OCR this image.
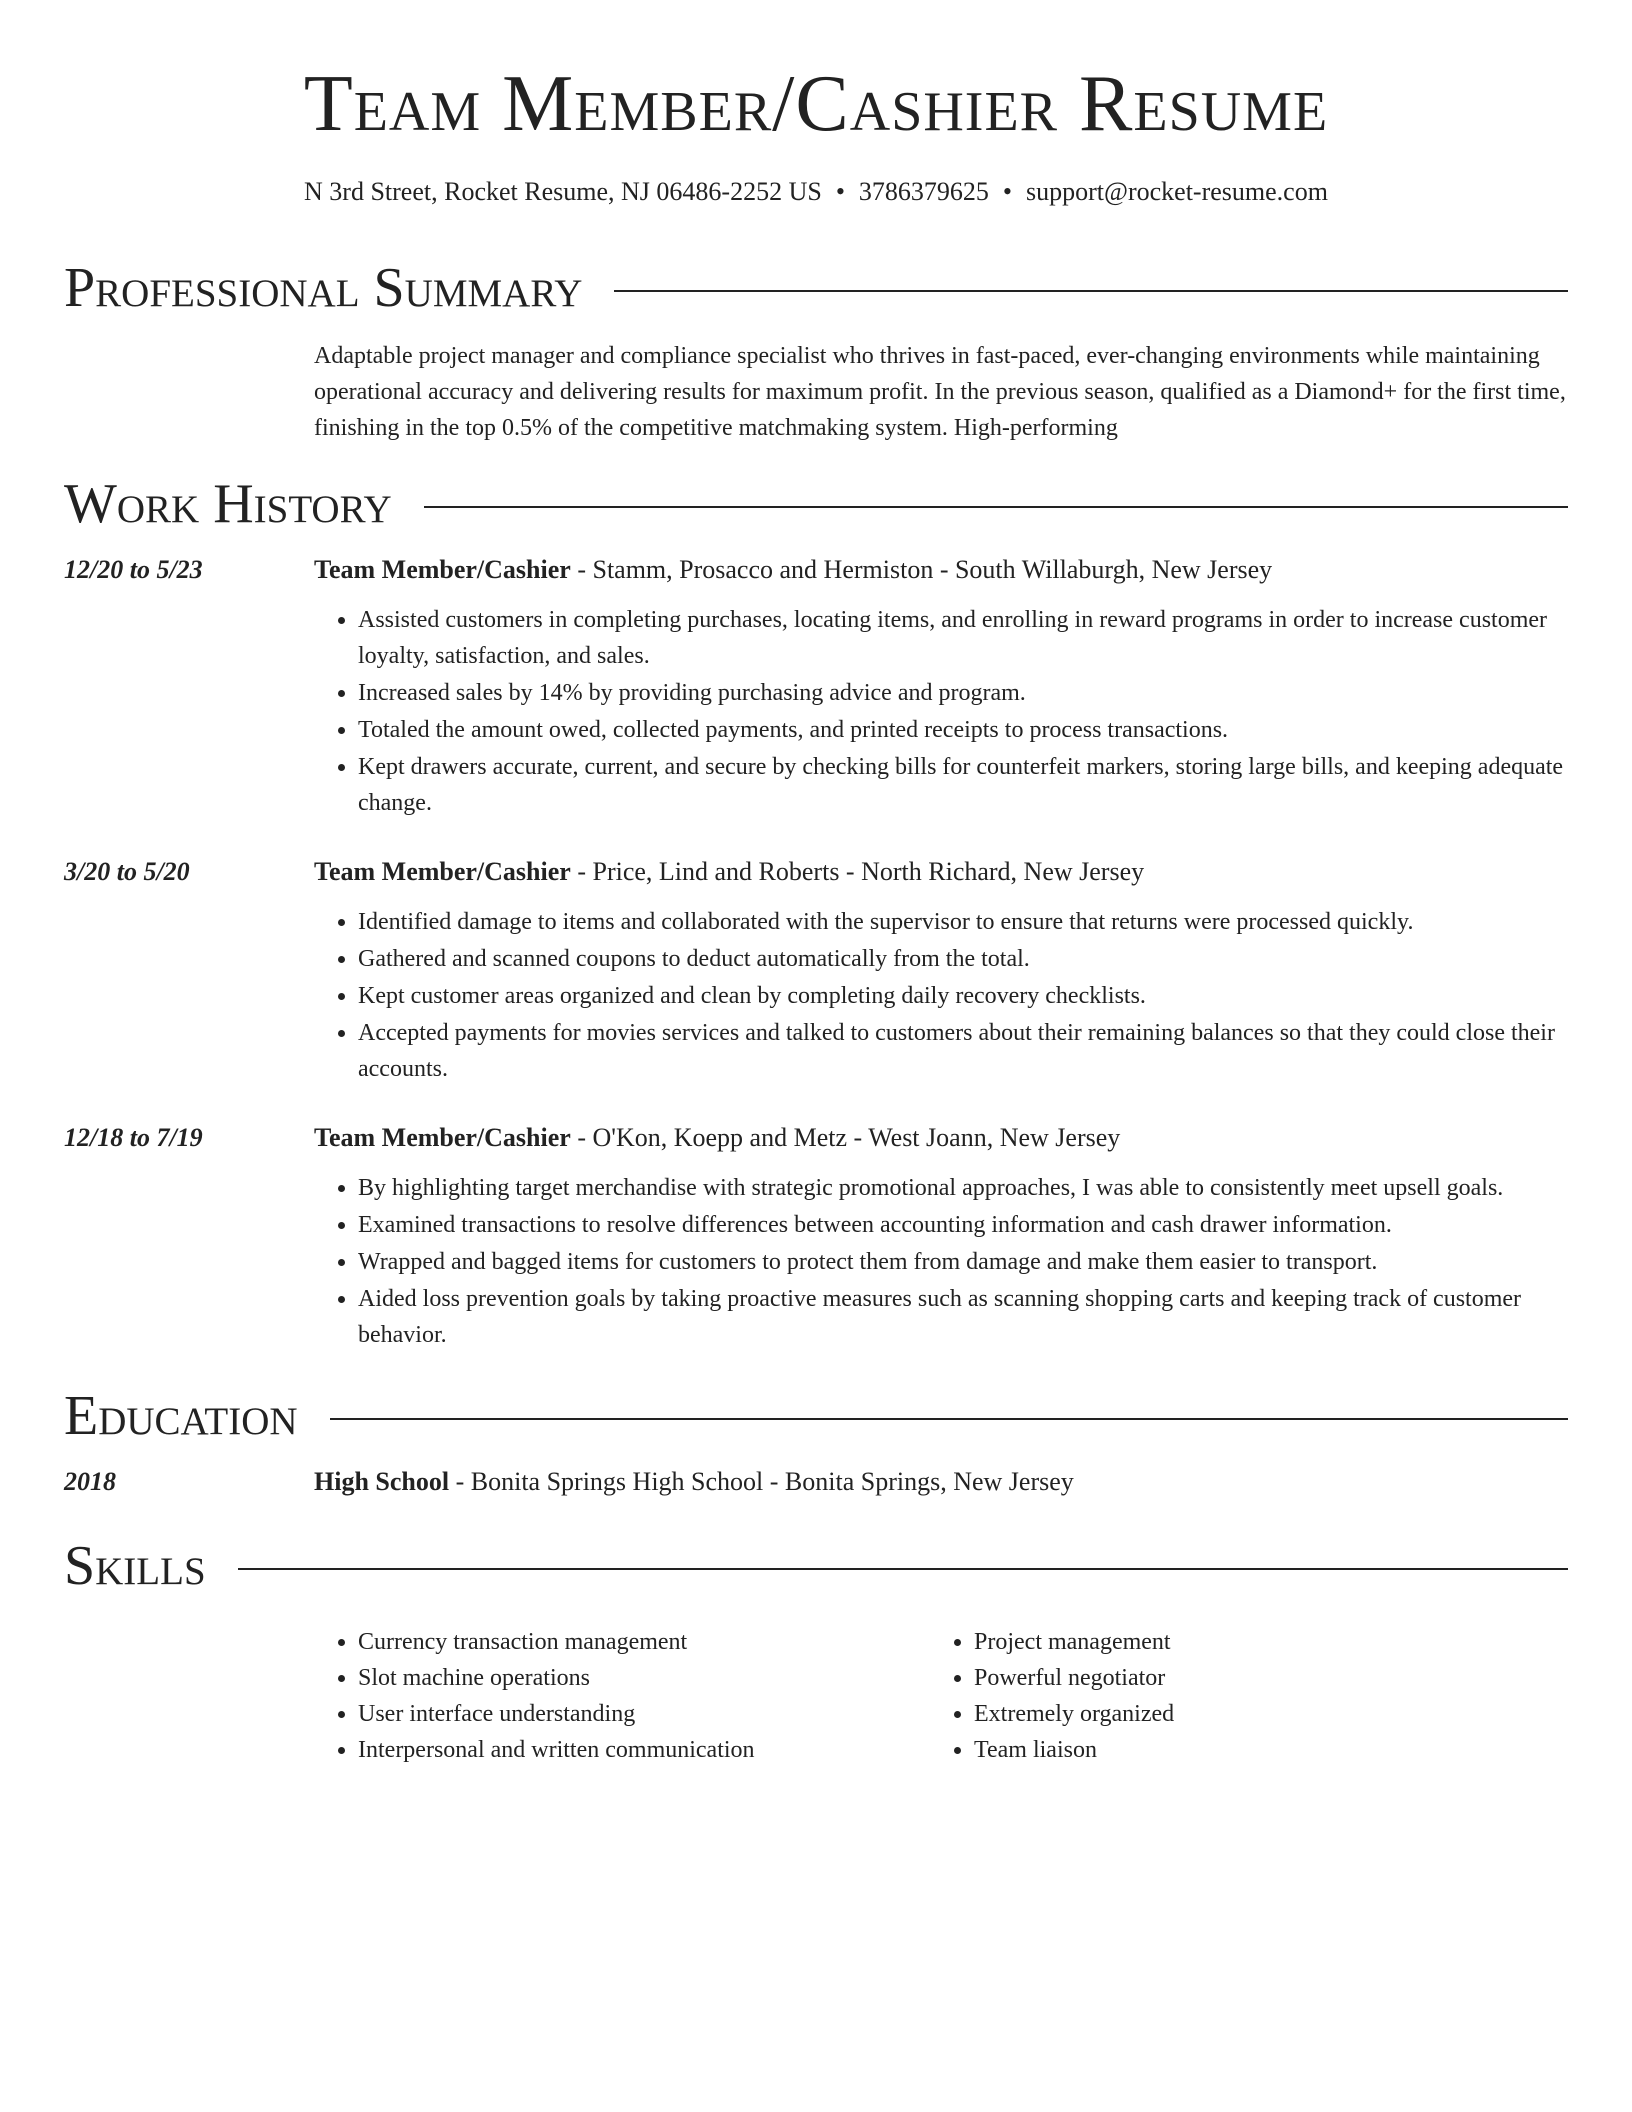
Team Member/Cashier Resume
N 3rd Street, Rocket Resume, NJ 06486-2252 US • 3786379625 • support@rocket-resume.com
Professional Summary

Adaptable project manager and compliance specialist who thrives in fast-paced, ever-changing environments while maintaining operational accuracy and delivering results for maximum profit. In the previous season, qualified as a Diamond+ for the first time, finishing in the top 0.5% of the competitive matchmaking system. High-performing

Work History
12/20 to 5/23	Team Member/Cashier - Stamm, Prosacco and Hermiston - South Willaburgh, New Jersey
• Assisted customers in completing purchases, locating items, and enrolling in reward programs in order to increase customer loyalty, satisfaction, and sales.
• Increased sales by 14% by providing purchasing advice and program.
• Totaled the amount owed, collected payments, and printed receipts to process transactions.
• Kept drawers accurate, current, and secure by checking bills for counterfeit markers, storing large bills, and keeping adequate change.
3/20 to 5/20	Team Member/Cashier - Price, Lind and Roberts - North Richard, New Jersey
• Identified damage to items and collaborated with the supervisor to ensure that returns were processed quickly.
• Gathered and scanned coupons to deduct automatically from the total.
• Kept customer areas organized and clean by completing daily recovery checklists.
• Accepted payments for movies services and talked to customers about their remaining balances so that they could close their accounts.
12/18 to 7/19	Team Member/Cashier - O'Kon, Koepp and Metz - West Joann, New Jersey
• By highlighting target merchandise with strategic promotional approaches, I was able to consistently meet upsell goals.
• Examined transactions to resolve differences between accounting information and cash drawer information.
• Wrapped and bagged items for customers to protect them from damage and make them easier to transport.
• Aided loss prevention goals by taking proactive measures such as scanning shopping carts and keeping track of customer behavior.
Education
2018	High School - Bonita Springs High School - Bonita Springs, New Jersey
Skills
• Currency transaction management
• Slot machine operations
• User interface understanding
• Interpersonal and written communication
• Project management
• Powerful negotiator
• Extremely organized
• Team liaison
